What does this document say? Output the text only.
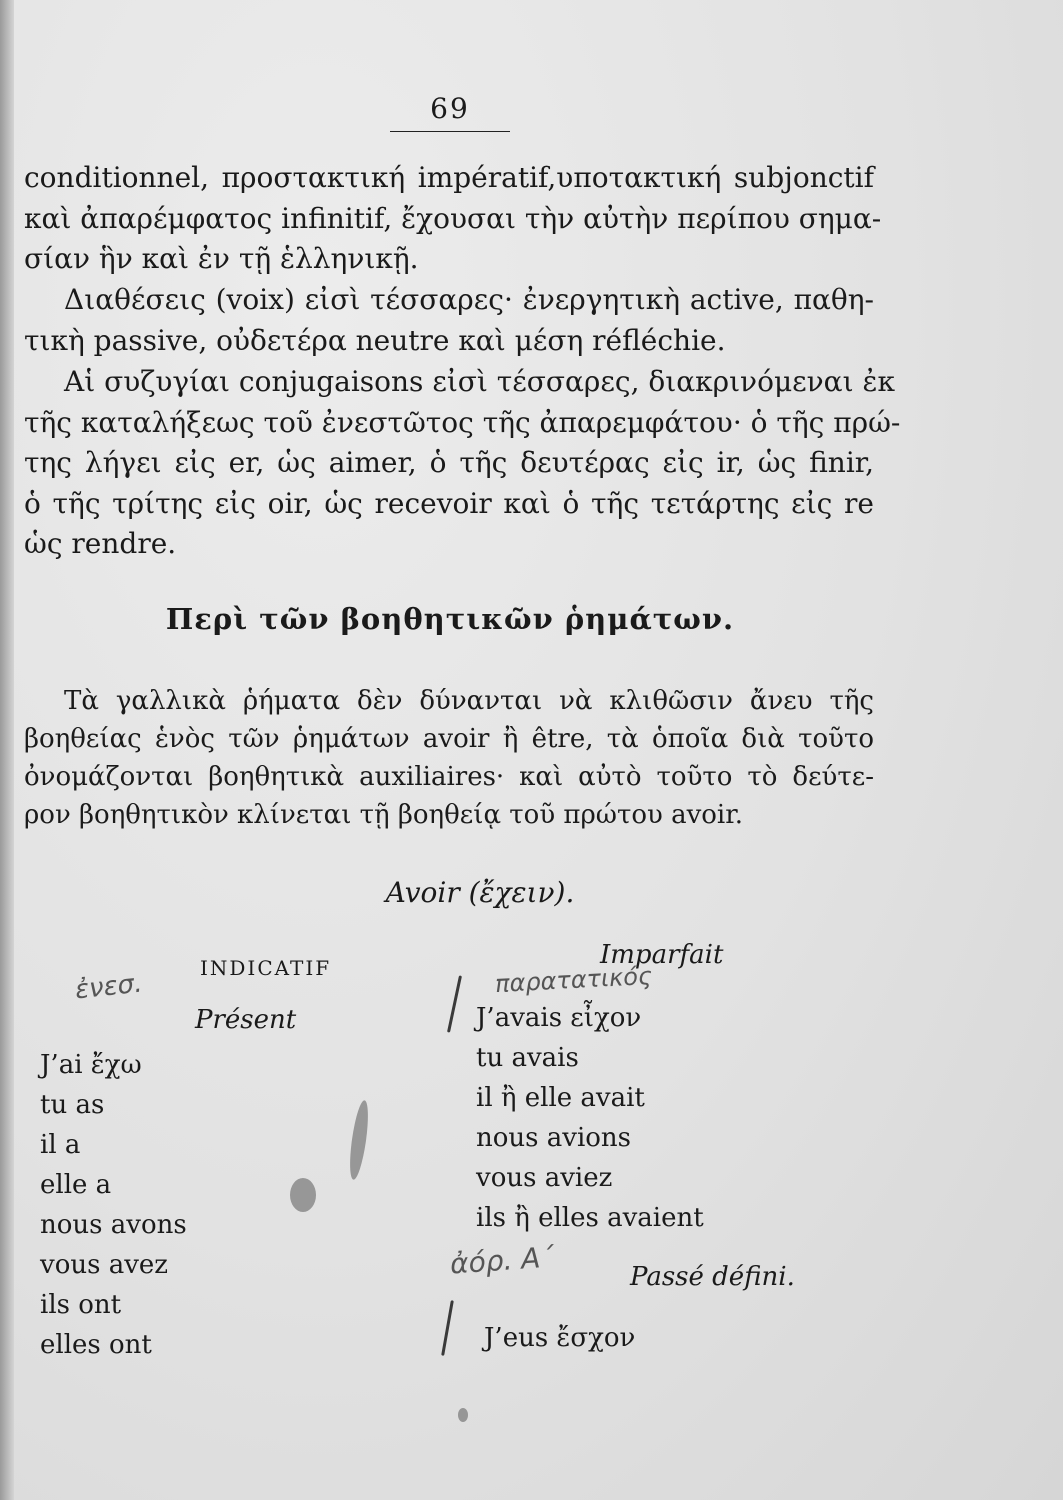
69
conditionnel, προστακτική impératif,υποτακτική subjonctif
καὶ ἀπαρέμφατος infinitif, ἔχουσαι τὴν αὐτὴν περίπου σημα-
σίαν ἣν καὶ ἐν τῇ ἑλληνικῇ.
Διαθέσεις (voix) εἰσὶ τέσσαρες· ἐνεργητικὴ active, παθη-
τικὴ passive, οὐδετέρα neutre καὶ μέση réfléchie.
Αἱ συζυγίαι conjugaisons εἰσὶ τέσσαρες, διακρινόμεναι ἐκ
τῆς καταλήξεως τοῦ ἐνεστῶτος τῆς ἀπαρεμφάτου· ὁ τῆς πρώ-
της λήγει εἰς er, ὡς aimer, ὁ τῆς δευτέρας εἰς ir, ὡς finir,
ὁ τῆς τρίτης εἰς oir, ὡς recevoir καὶ ὁ τῆς τετάρτης εἰς re
ὡς rendre.
Περὶ τῶν βοηθητικῶν ῥημάτων.
Τὰ γαλλικὰ ῥήματα δὲν δύνανται νὰ κλιθῶσιν ἄνευ τῆς
βοηθείας ἑνὸς τῶν ῥημάτων avoir ἢ être, τὰ ὁποῖα διὰ τοῦτο
ὀνομάζονται βοηθητικὰ auxiliaires· καὶ αὐτὸ τοῦτο τὸ δεύτε-
ρον βοηθητικὸν κλίνεται τῇ βοηθείᾳ τοῦ πρώτου avoir.
Avoir (ἔχειν).
INDICATIF	Imparfait
Présent
J’ai ἔχω
tu as
il a
elle a
nous avons
vous avez
ils ont
elles ont
J’avais εἶχον
tu avais
il ἢ elle avait
nous avions
vous aviez
ils ἢ elles avaient
Passé défini.
J’eus ἔσχον
ἐνεσ.	παρατατικός
ἀόρ. Α΄
